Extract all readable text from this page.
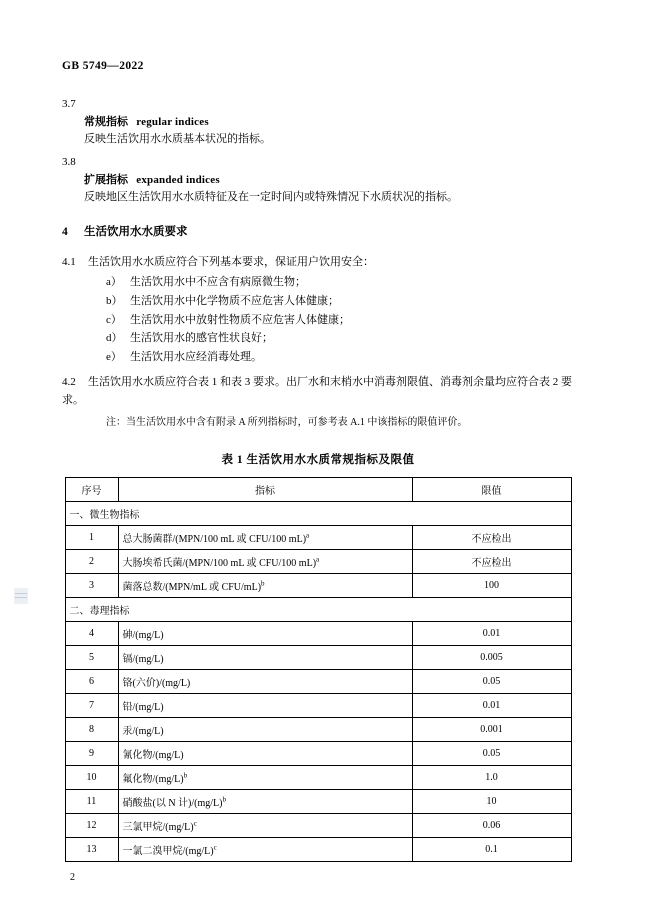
GB 5749—2022
3.7
常规指标 regular indices
反映生活饮用水水质基本状况的指标。
3.8
扩展指标 expanded indices
反映地区生活饮用水水质特征及在一定时间内或特殊情况下水质状况的指标。
4 生活饮用水水质要求
4.1 生活饮用水水质应符合下列基本要求，保证用户饮用安全：
a） 生活饮用水中不应含有病原微生物；
b） 生活饮用水中化学物质不应危害人体健康；
c） 生活饮用水中放射性物质不应危害人体健康；
d） 生活饮用水的感官性状良好；
e） 生活饮用水应经消毒处理。
4.2 生活饮用水水质应符合表 1 和表 3 要求。出厂水和末梢水中消毒剂限值、消毒剂余量均应符合表 2 要求。
注：当生活饮用水中含有附录 A 所列指标时，可参考表 A.1 中该指标的限值评价。
表 1 生活饮用水水质常规指标及限值
序号	指标	限值
一、微生物指标		
1	总大肠菌群/(MPN/100 mL 或 CFU/100 mL)$^a$	不应检出
2	大肠埃希氏菌/(MPN/100 mL 或 CFU/100 mL)$^a$	不应检出
3	菌落总数/(MPN/mL 或 CFU/mL)$^b$	100
二、毒理指标		
4	砷/(mg/L)	0.01
5	镉/(mg/L)	0.005
6	铬(六价)/(mg/L)	0.05
7	铅/(mg/L)	0.01
8	汞/(mg/L)	0.001
9	氰化物/(mg/L)	0.05
10	氟化物$/(mg/L)^b$	1.0
11	硝酸盐(以 N 计)$/(mg/L)^b$	10
12	三氯甲烷$/(mg/L)^c$	0.06
13	一氯二溴甲烷$/(mg/L)^c$	0.1
2
